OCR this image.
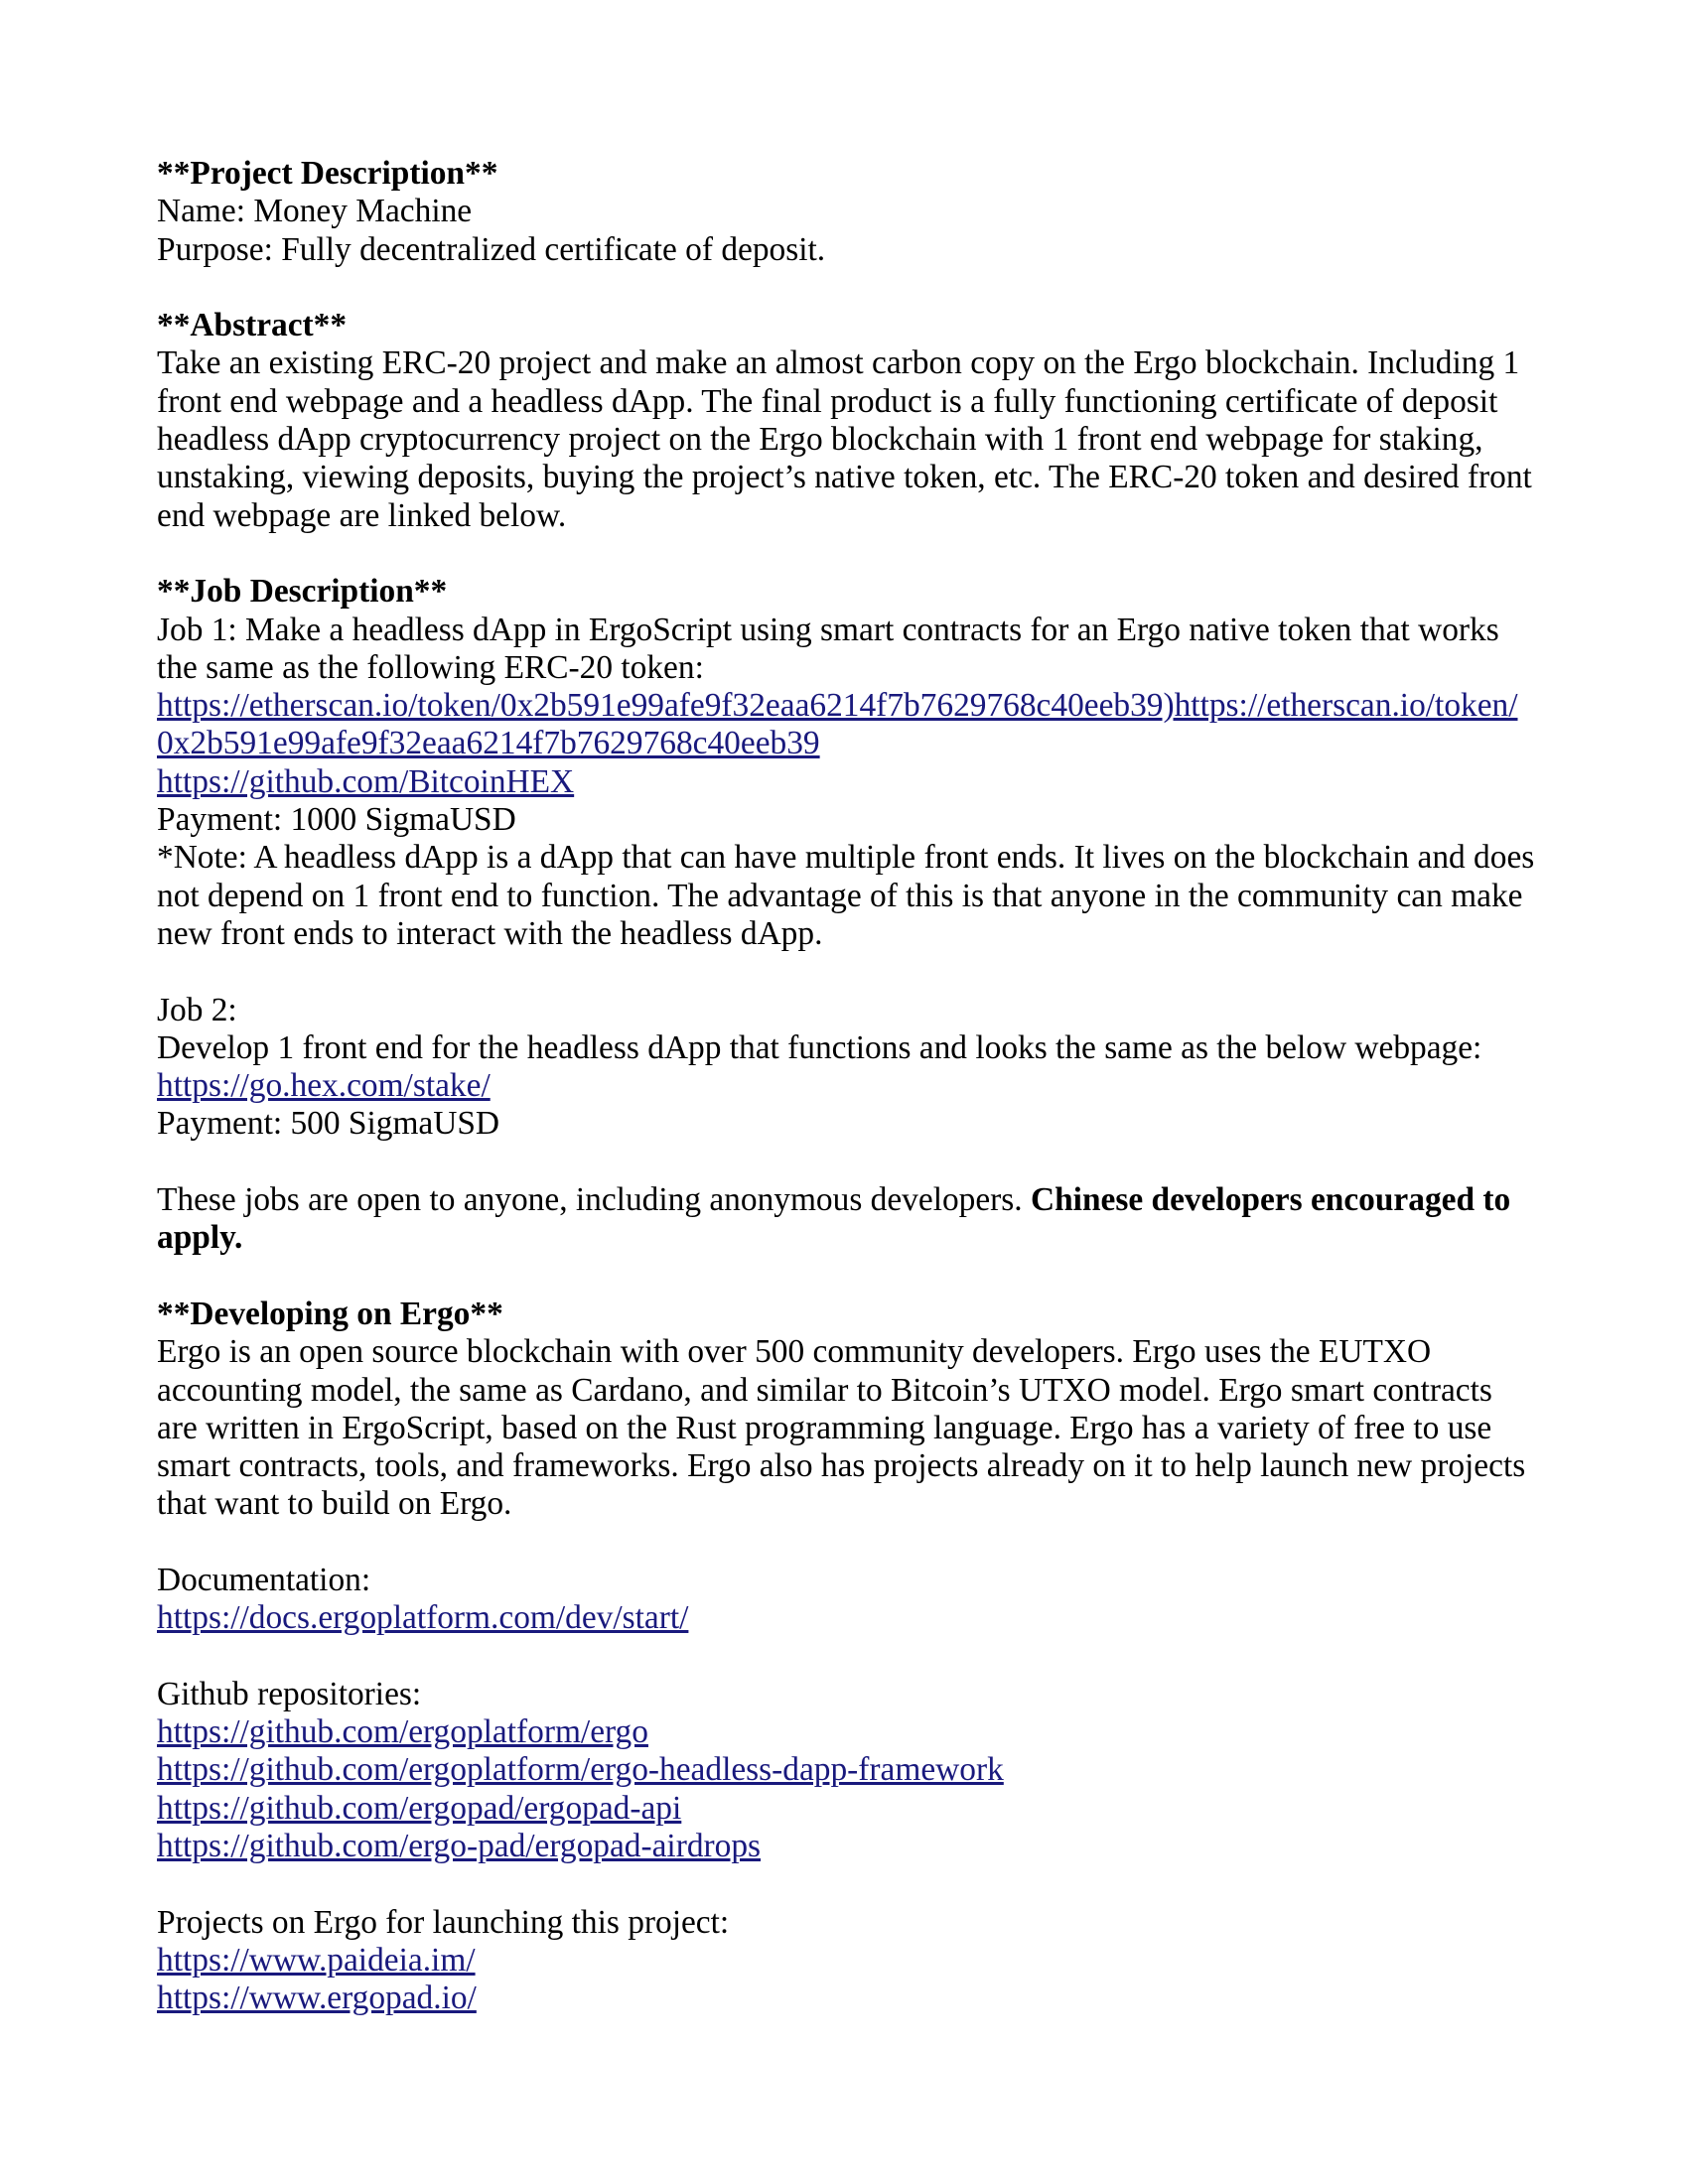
**Project Description**
Name: Money Machine
Purpose: Fully decentralized certificate of deposit.
**Abstract**
Take an existing ERC-20 project and make an almost carbon copy on the Ergo blockchain. Including 1
front end webpage and a headless dApp. The final product is a fully functioning certificate of deposit
headless dApp cryptocurrency project on the Ergo blockchain with 1 front end webpage for staking,
unstaking, viewing deposits, buying the project’s native token, etc. The ERC-20 token and desired front
end webpage are linked below.
**Job Description**
Job 1: Make a headless dApp in ErgoScript using smart contracts for an Ergo native token that works
the same as the following ERC-20 token:
https://etherscan.io/token/0x2b591e99afe9f32eaa6214f7b7629768c40eeb39)https://etherscan.io/token/
0x2b591e99afe9f32eaa6214f7b7629768c40eeb39
https://github.com/BitcoinHEX
Payment: 1000 SigmaUSD
*Note: A headless dApp is a dApp that can have multiple front ends. It lives on the blockchain and does
not depend on 1 front end to function. The advantage of this is that anyone in the community can make
new front ends to interact with the headless dApp.
Job 2:
Develop 1 front end for the headless dApp that functions and looks the same as the below webpage:
https://go.hex.com/stake/
Payment: 500 SigmaUSD
These jobs are open to anyone, including anonymous developers. Chinese developers encouraged to
apply.
**Developing on Ergo**
Ergo is an open source blockchain with over 500 community developers. Ergo uses the EUTXO
accounting model, the same as Cardano, and similar to Bitcoin’s UTXO model. Ergo smart contracts
are written in ErgoScript, based on the Rust programming language. Ergo has a variety of free to use
smart contracts, tools, and frameworks. Ergo also has projects already on it to help launch new projects
that want to build on Ergo.
Documentation:
https://docs.ergoplatform.com/dev/start/
Github repositories:
https://github.com/ergoplatform/ergo
https://github.com/ergoplatform/ergo-headless-dapp-framework
https://github.com/ergopad/ergopad-api
https://github.com/ergo-pad/ergopad-airdrops
Projects on Ergo for launching this project:
https://www.paideia.im/
https://www.ergopad.io/
